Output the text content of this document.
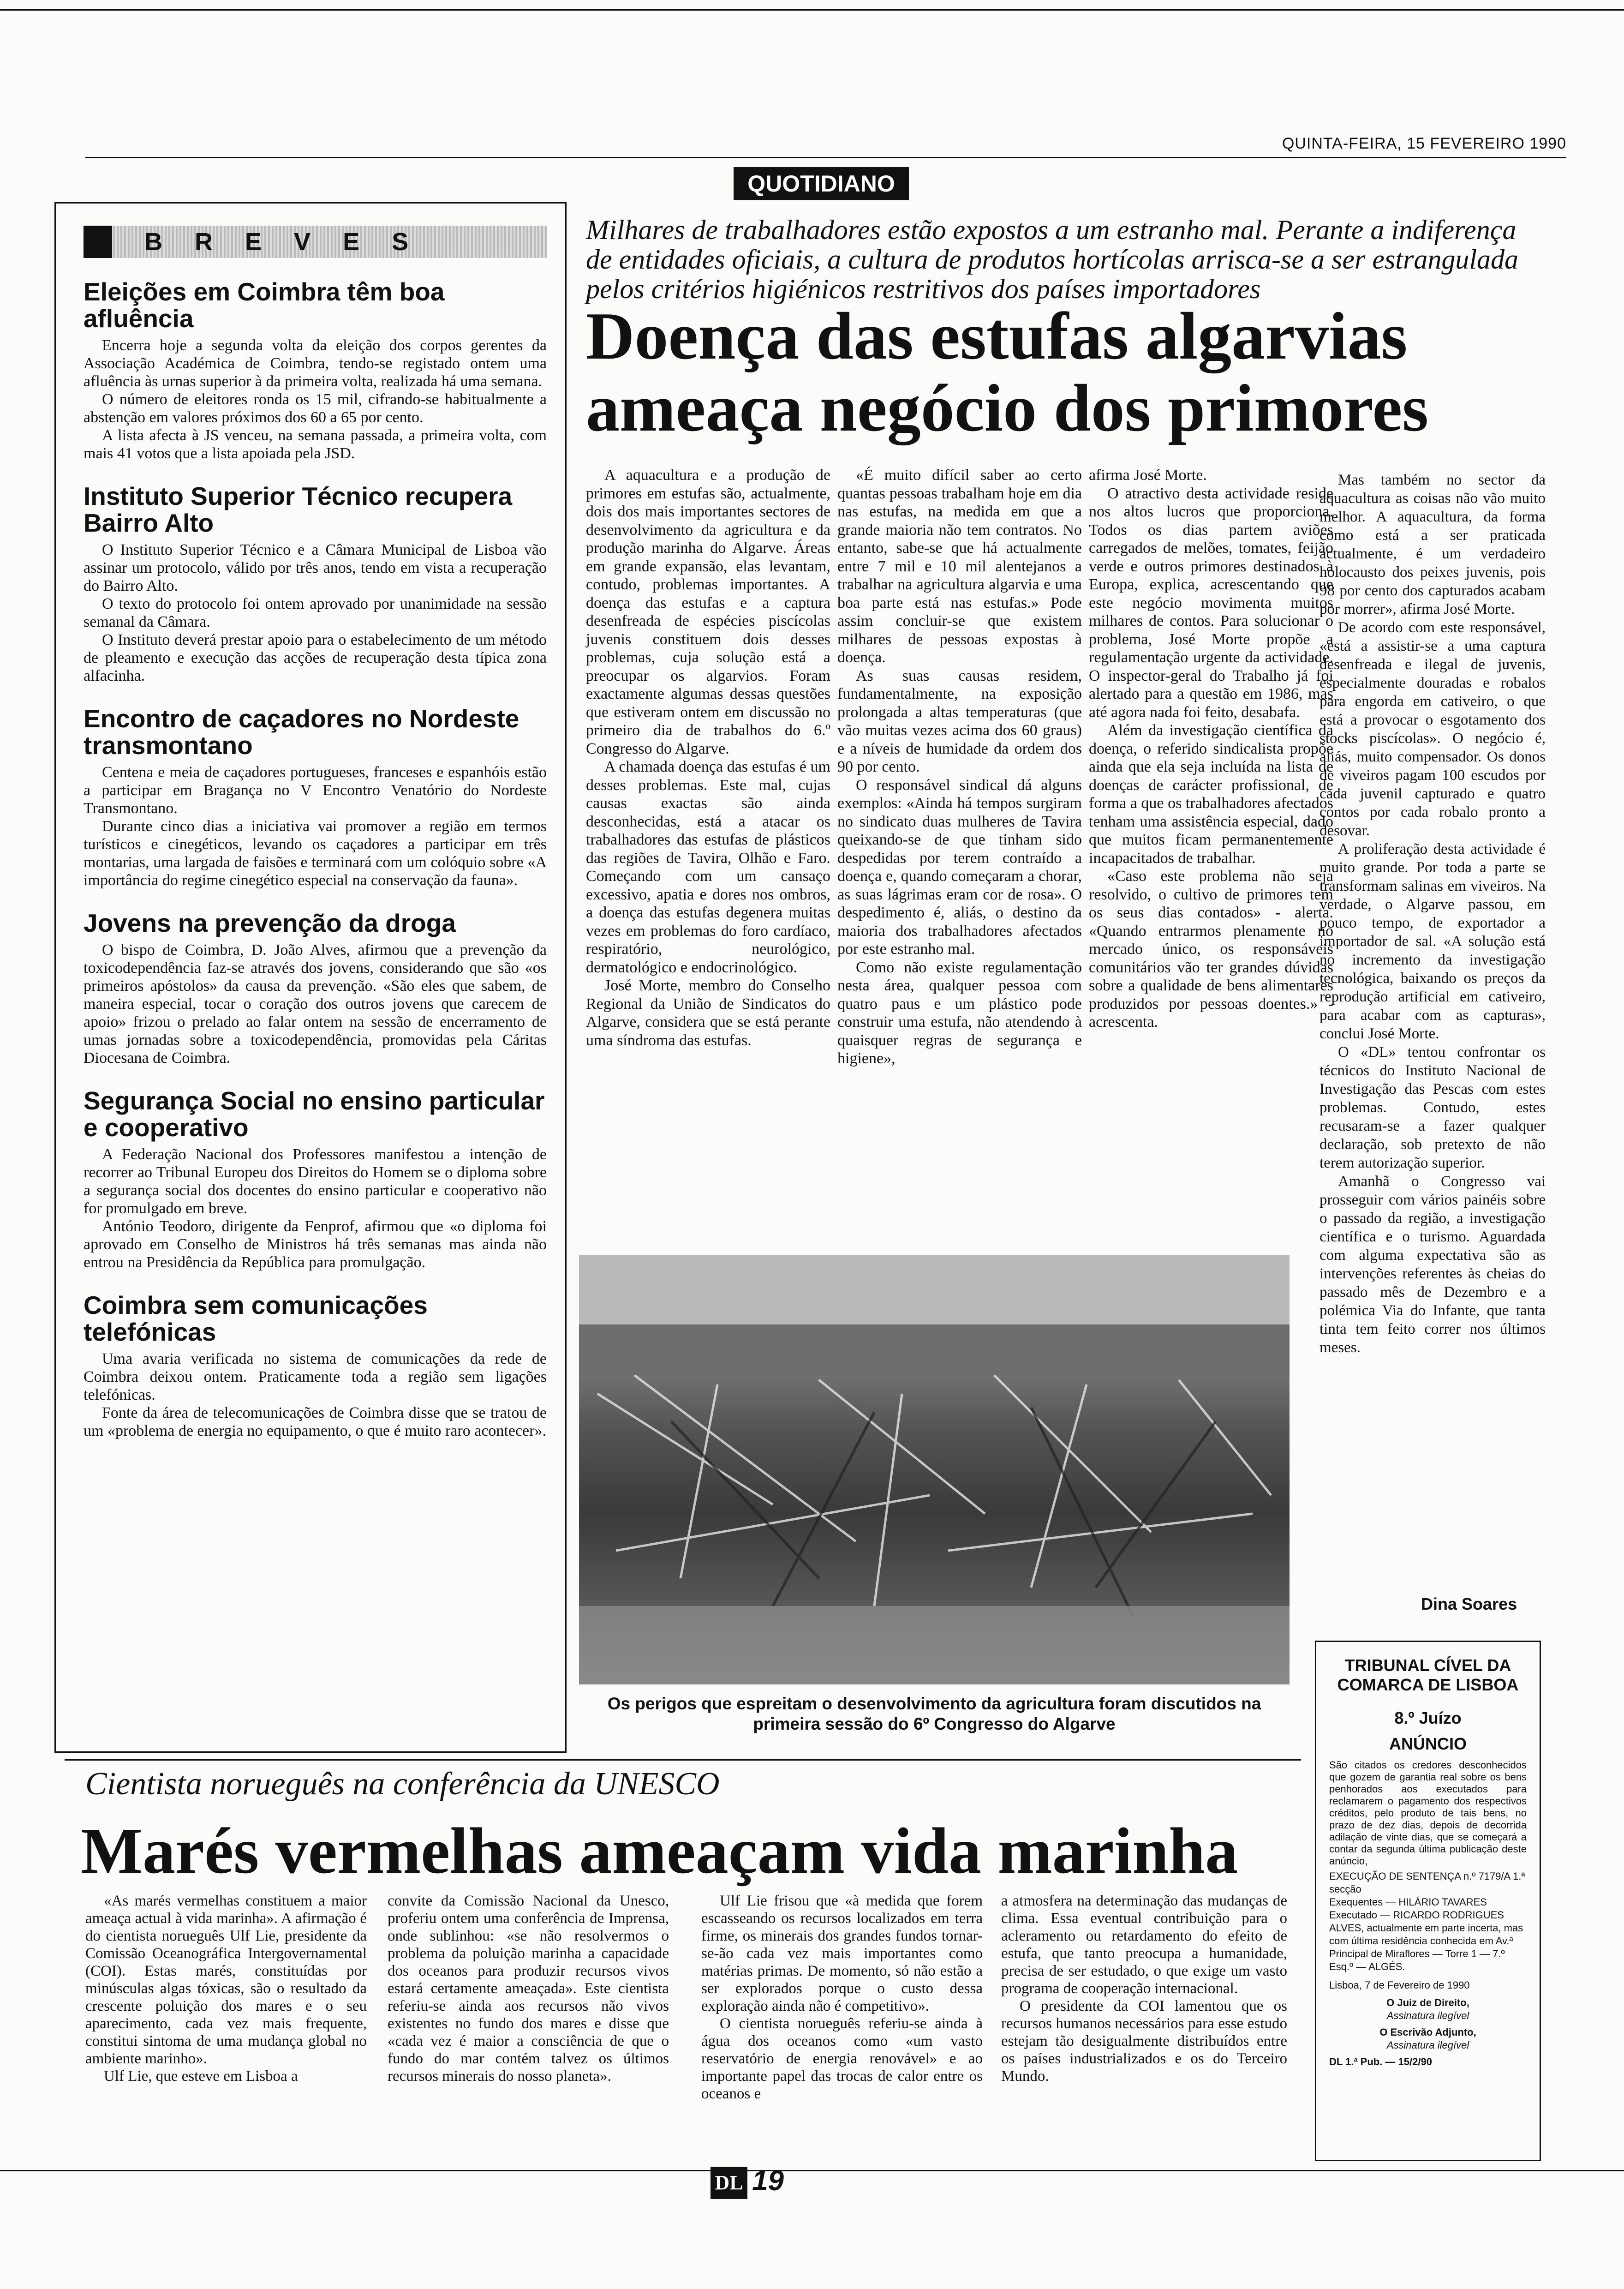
QUINTA-FEIRA, 15 FEVEREIRO 1990
QUOTIDIANO
B R E V E S
Eleições em Coimbra têm boa afluência

Encerra hoje a segunda volta da eleição dos corpos gerentes da Associação Académica de Coimbra, tendo-se registado ontem uma afluência às urnas superior à da primeira volta, realizada há uma semana.

O número de eleitores ronda os 15 mil, cifrando-se habitualmente a abstenção em valores próximos dos 60 a 65 por cento.

A lista afecta à JS venceu, na semana passada, a primeira volta, com mais 41 votos que a lista apoiada pela JSD.

Instituto Superior Técnico recupera Bairro Alto

O Instituto Superior Técnico e a Câmara Municipal de Lisboa vão assinar um protocolo, válido por três anos, tendo em vista a recuperação do Bairro Alto.

O texto do protocolo foi ontem aprovado por unanimidade na sessão semanal da Câmara.

O Instituto deverá prestar apoio para o estabelecimento de um método de pleamento e execução das acções de recuperação desta típica zona alfacinha.

Encontro de caçadores no Nordeste transmontano

Centena e meia de caçadores portugueses, franceses e espanhóis estão a participar em Bragança no V Encontro Venatório do Nordeste Transmontano.

Durante cinco dias a iniciativa vai promover a região em termos turísticos e cinegéticos, levando os caçadores a participar em três montarias, uma largada de faisões e terminará com um colóquio sobre «A importância do regime cinegético especial na conservação da fauna».

Jovens na prevenção da droga

O bispo de Coimbra, D. João Alves, afirmou que a prevenção da toxicodependência faz-se através dos jovens, considerando que são «os primeiros apóstolos» da causa da prevenção. «São eles que sabem, de maneira especial, tocar o coração dos outros jovens que carecem de apoio» frizou o prelado ao falar ontem na sessão de encerramento de umas jornadas sobre a toxicodependência, promovidas pela Cáritas Diocesana de Coimbra.

Segurança Social no ensino particular e cooperativo

A Federação Nacional dos Professores manifestou a intenção de recorrer ao Tribunal Europeu dos Direitos do Homem se o diploma sobre a segurança social dos docentes do ensino particular e cooperativo não for promulgado em breve.

António Teodoro, dirigente da Fenprof, afirmou que «o diploma foi aprovado em Conselho de Ministros há três semanas mas ainda não entrou na Presidência da República para promulgação.

Coimbra sem comunicações telefónicas

Uma avaria verificada no sistema de comunicações da rede de Coimbra deixou ontem. Praticamente toda a região sem ligações telefónicas.

Fonte da área de telecomunicações de Coimbra disse que se tratou de um «problema de energia no equipamento, o que é muito raro acontecer».

Milhares de trabalhadores estão expostos a um estranho mal. Perante a indiferença de entidades oficiais, a cultura de produtos hortícolas arrisca-se a ser estrangulada pelos critérios higiénicos restritivos dos países importadores
Doença das estufas algarvias ameaça negócio dos primores

A aquacultura e a produção de primores em estufas são, actualmente, dois dos mais importantes sectores de desenvolvimento da agricultura e da produção marinha do Algarve. Áreas em grande expansão, elas levantam, contudo, problemas importantes. A doença das estufas e a captura desenfreada de espécies piscícolas juvenis constituem dois desses problemas, cuja solução está a preocupar os algarvios. Foram exactamente algumas dessas questões que estiveram ontem em discussão no primeiro dia de trabalhos do 6.º Congresso do Algarve.

A chamada doença das estufas é um desses problemas. Este mal, cujas causas exactas são ainda desconhecidas, está a atacar os trabalhadores das estufas de plásticos das regiões de Tavira, Olhão e Faro. Começando com um cansaço excessivo, apatia e dores nos ombros, a doença das estufas degenera muitas vezes em problemas do foro cardíaco, respiratório, neurológico, dermatológico e endocrinológico.

José Morte, membro do Conselho Regional da União de Sindicatos do Algarve, considera que se está perante uma síndroma das estufas.

«É muito difícil saber ao certo quantas pessoas trabalham hoje em dia nas estufas, na medida em que a grande maioria não tem contratos. No entanto, sabe-se que há actualmente entre 7 mil e 10 mil alentejanos a trabalhar na agricultura algarvia e uma boa parte está nas estufas.» Pode assim concluir-se que existem milhares de pessoas expostas à doença.

As suas causas residem, fundamentalmente, na exposição prolongada a altas temperaturas (que vão muitas vezes acima dos 60 graus) e a níveis de humidade da ordem dos 90 por cento.

O responsável sindical dá alguns exemplos: «Ainda há tempos surgiram no sindicato duas mulheres de Tavira queixando-se de que tinham sido despedidas por terem contraído a doença e, quando começaram a chorar, as suas lágrimas eram cor de rosa». O despedimento é, aliás, o destino da maioria dos trabalhadores afectados por este estranho mal.

Como não existe regulamentação nesta área, qualquer pessoa com quatro paus e um plástico pode construir uma estufa, não atendendo à quaisquer regras de segurança e higiene»,

afirma José Morte.

O atractivo desta actividade reside nos altos lucros que proporciona. Todos os dias partem aviões carregados de melões, tomates, feijão verde e outros primores destinados à Europa, explica, acrescentando que este negócio movimenta muitos milhares de contos. Para solucionar o problema, José Morte propõe a regulamentação urgente da actividade. O inspector-geral do Trabalho já foi alertado para a questão em 1986, mas até agora nada foi feito, desabafa.

Além da investigação científica da doença, o referido sindicalista propõe ainda que ela seja incluída na lista de doenças de carácter profissional, de forma a que os trabalhadores afectados tenham uma assistência especial, dado que muitos ficam permanentemente incapacitados de trabalhar.

«Caso este problema não seja resolvido, o cultivo de primores tem os seus dias contados» - alerta. «Quando entrarmos plenamente no mercado único, os responsáveis comunitários vão ter grandes dúvidas sobre a qualidade de bens alimentares produzidos por pessoas doentes.» - acrescenta.

Mas também no sector da aquacultura as coisas não vão muito melhor. A aquacultura, da forma como está a ser praticada actualmente, é um verdadeiro holocausto dos peixes juvenis, pois 98 por cento dos capturados acabam por morrer», afirma José Morte.

De acordo com este responsável, «está a assistir-se a uma captura desenfreada e ilegal de juvenis, especialmente douradas e robalos para engorda em cativeiro, o que está a provocar o esgotamento dos stocks piscícolas». O negócio é, aliás, muito compensador. Os donos de viveiros pagam 100 escudos por cada juvenil capturado e quatro contos por cada robalo pronto a desovar.

A proliferação desta actividade é muito grande. Por toda a parte se transformam salinas em viveiros. Na verdade, o Algarve passou, em pouco tempo, de exportador a importador de sal. «A solução está no incremento da investigação tecnológica, baixando os preços da reprodução artificial em cativeiro, para acabar com as capturas», conclui José Morte.

O «DL» tentou confrontar os técnicos do Instituto Nacional de Investigação das Pescas com estes problemas. Contudo, estes recusaram-se a fazer qualquer declaração, sob pretexto de não terem autorização superior.

Amanhã o Congresso vai prosseguir com vários painéis sobre o passado da região, a investigação científica e o turismo. Aguardada com alguma expectativa são as intervenções referentes às cheias do passado mês de Dezembro e a polémica Via do Infante, que tanta tinta tem feito correr nos últimos meses.

Os perigos que espreitam o desenvolvimento da agricultura foram discutidos na primeira sessão do 6º Congresso do Algarve
Dina Soares
TRIBUNAL CÍVEL DA COMARCA DE LISBOA
8.º Juízo
ANÚNCIO
São citados os credores desconhecidos que gozem de garantia real sobre os bens penhorados aos executados para reclamarem o pagamento dos respectivos créditos, pelo produto de tais bens, no prazo de dez dias, depois de decorrida adilação de vinte dias, que se começará a contar da segunda última publicação deste anúncio,
EXECUÇÃO DE SENTENÇA n.º 7179/A 1.ª secção
Exequentes — HILÁRIO TAVARES
Executado — RICARDO RODRIGUES ALVES, actualmente em parte incerta, mas com última residência conhecida em Av.ª Principal de Miraflores — Torre 1 — 7.º Esq.º — ALGÉS.
Lisboa, 7 de Fevereiro de 1990
O Juiz de Direito,
Assinatura ilegível
O Escrivão Adjunto,
Assinatura ilegível
DL 1.ª Pub. — 15/2/90
Cientista norueguês na conferência da UNESCO
Marés vermelhas ameaçam vida marinha

«As marés vermelhas constituem a maior ameaça actual à vida marinha». A afirmação é do cientista norueguês Ulf Lie, presidente da Comissão Oceanográfica Intergovernamental (COI). Estas marés, constituídas por minúsculas algas tóxicas, são o resultado da crescente poluição dos mares e o seu aparecimento, cada vez mais frequente, constitui sintoma de uma mudança global no ambiente marinho».

Ulf Lie, que esteve em Lisboa a

convite da Comissão Nacional da Unesco, proferiu ontem uma conferência de Imprensa, onde sublinhou: «se não resolvermos o problema da poluição marinha a capacidade dos oceanos para produzir recursos vivos estará certamente ameaçada». Este cientista referiu-se ainda aos recursos não vivos existentes no fundo dos mares e disse que «cada vez é maior a consciência de que o fundo do mar contém talvez os últimos recursos minerais do nosso planeta».

Ulf Lie frisou que «à medida que forem escasseando os recursos localizados em terra firme, os minerais dos grandes fundos tornar-se-ão cada vez mais importantes como matérias primas. De momento, só não estão a ser explorados porque o custo dessa exploração ainda não é competitivo».

O cientista norueguês referiu-se ainda à água dos oceanos como «um vasto reservatório de energia renovável» e ao importante papel das trocas de calor entre os oceanos e

a atmosfera na determinação das mudanças de clima. Essa eventual contribuição para o acleramento ou retardamento do efeito de estufa, que tanto preocupa a humanidade, precisa de ser estudado, o que exige um vasto programa de cooperação internacional.

O presidente da COI lamentou que os recursos humanos necessários para esse estudo estejam tão desigualmente distribuídos entre os países industrializados e os do Terceiro Mundo.

DL 19
